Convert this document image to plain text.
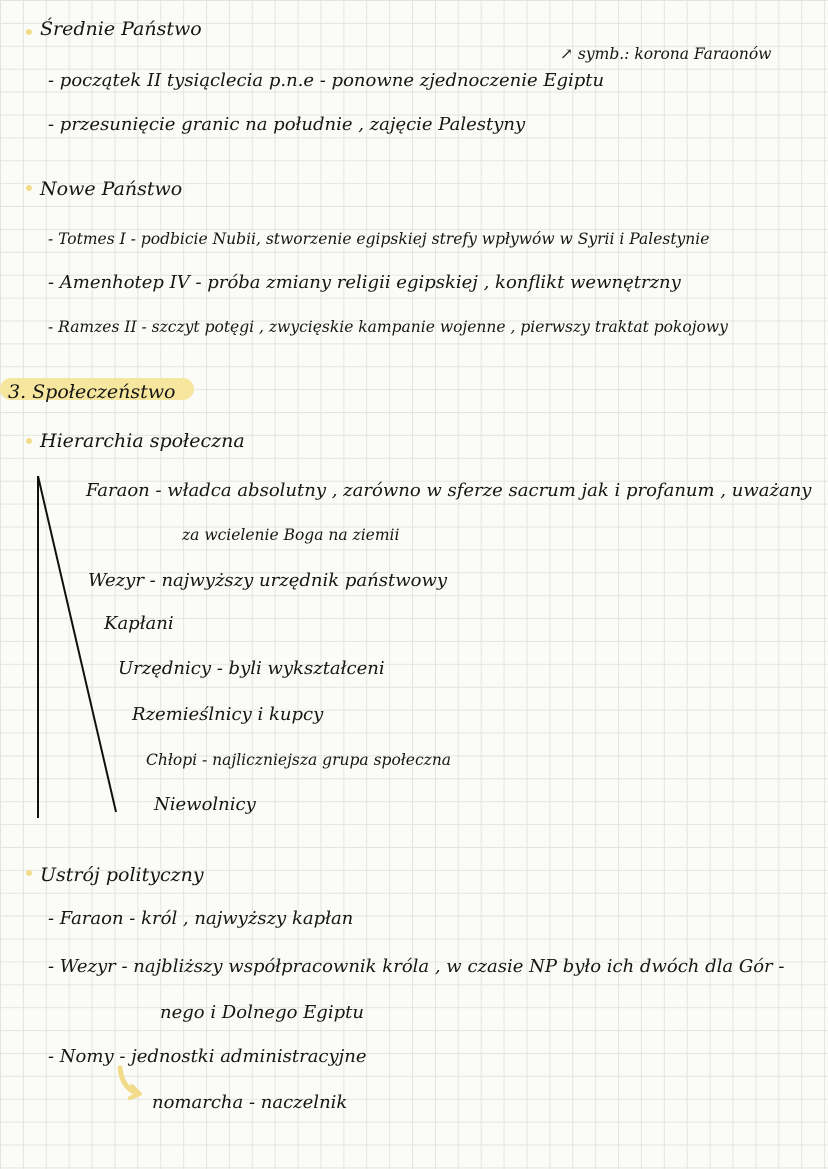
Średnie Państwo
- początek II tysiąclecia p.n.e - ponowne zjednoczenie Egiptu
↗ symb.: korona Faraonów
- przesunięcie granic na południe , zajęcie Palestyny
Nowe Państwo
- Totmes I - podbicie Nubii, stworzenie egipskiej strefy wpływów w Syrii i Palestynie
- Amenhotep IV - próba zmiany religii egipskiej , konflikt wewnętrzny
- Ramzes II - szczyt potęgi , zwycięskie kampanie wojenne , pierwszy traktat pokojowy
3. Społeczeństwo
Hierarchia społeczna
Faraon - władca absolutny , zarówno w sferze sacrum jak i profanum , uważany
za wcielenie Boga na ziemii
Wezyr - najwyższy urzędnik państwowy
Kapłani
Urzędnicy - byli wykształceni
Rzemieślnicy i kupcy
Chłopi - najliczniejsza grupa społeczna
Niewolnicy
Ustrój polityczny
- Faraon - król , najwyższy kapłan
- Wezyr - najbliższy współpracownik króla , w czasie NP było ich dwóch dla Gór -
nego i Dolnego Egiptu
- Nomy - jednostki administracyjne
nomarcha - naczelnik
